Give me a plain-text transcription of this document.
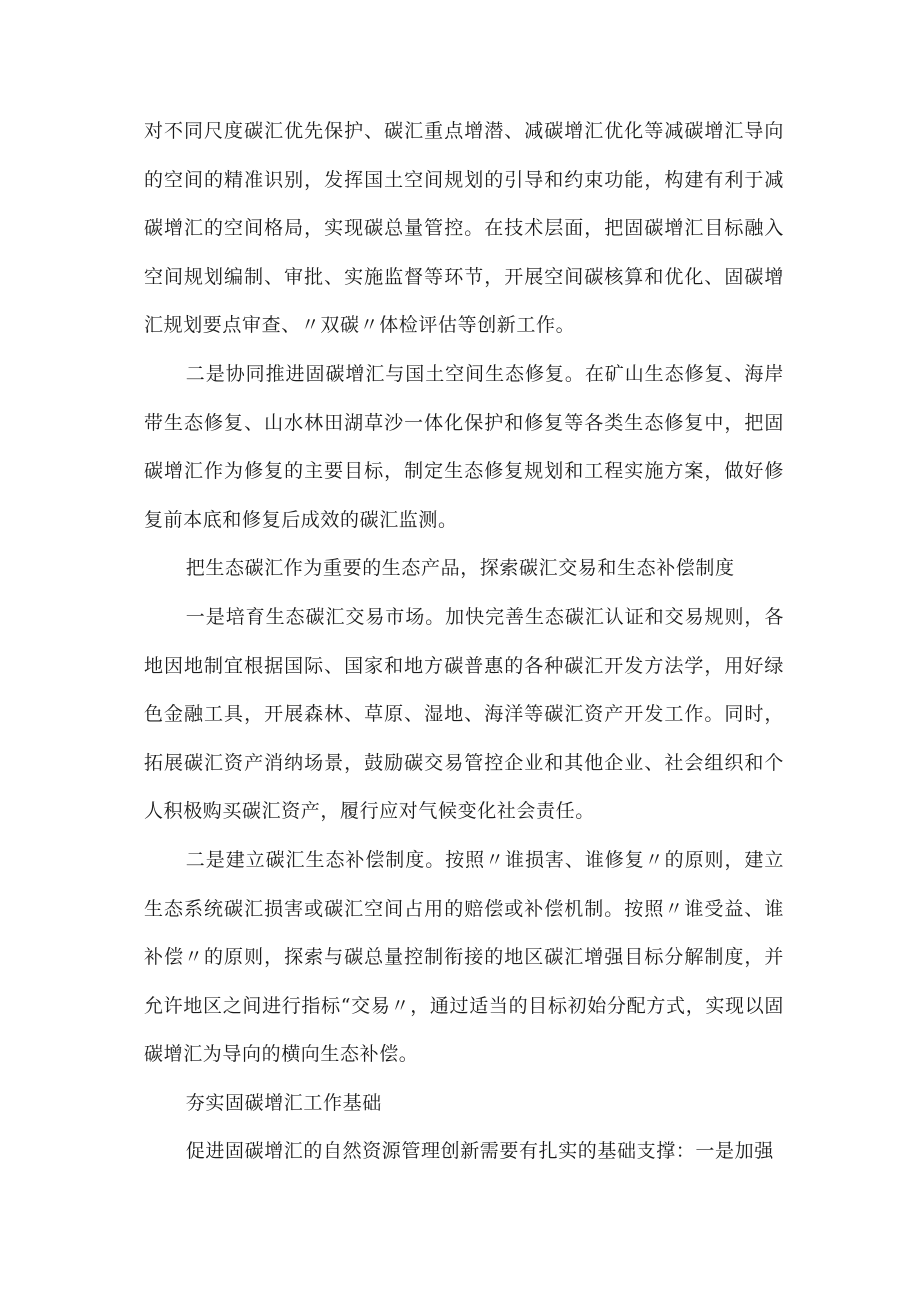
对不同尺度碳汇优先保护、碳汇重点增潜、减碳增汇优化等减碳增汇导向的空间的精准识别，发挥国土空间规划的引导和约束功能，构建有利于减碳增汇的空间格局，实现碳总量管控。在技术层面，把固碳增汇目标融入空间规划编制、审批、实施监督等环节，开展空间碳核算和优化、固碳增汇规划要点审查、〃双碳〃体检评估等创新工作。

二是协同推进固碳增汇与国土空间生态修复。在矿山生态修复、海岸带生态修复、山水林田湖草沙一体化保护和修复等各类生态修复中，把固碳增汇作为修复的主要目标，制定生态修复规划和工程实施方案，做好修复前本底和修复后成效的碳汇监测。

把生态碳汇作为重要的生态产品，探索碳汇交易和生态补偿制度

一是培育生态碳汇交易市场。加快完善生态碳汇认证和交易规则，各地因地制宜根据国际、国家和地方碳普惠的各种碳汇开发方法学，用好绿色金融工具，开展森林、草原、湿地、海洋等碳汇资产开发工作。同时，拓展碳汇资产消纳场景，鼓励碳交易管控企业和其他企业、社会组织和个人积极购买碳汇资产，履行应对气候变化社会责任。

二是建立碳汇生态补偿制度。按照〃谁损害、谁修复〃的原则，建立生态系统碳汇损害或碳汇空间占用的赔偿或补偿机制。按照〃谁受益、谁补偿〃的原则，探索与碳总量控制衔接的地区碳汇增强目标分解制度，并允许地区之间进行指标“交易〃，通过适当的目标初始分配方式，实现以固碳增汇为导向的横向生态补偿。

夯实固碳增汇工作基础

促进固碳增汇的自然资源管理创新需要有扎实的基础支撑：一是加强
